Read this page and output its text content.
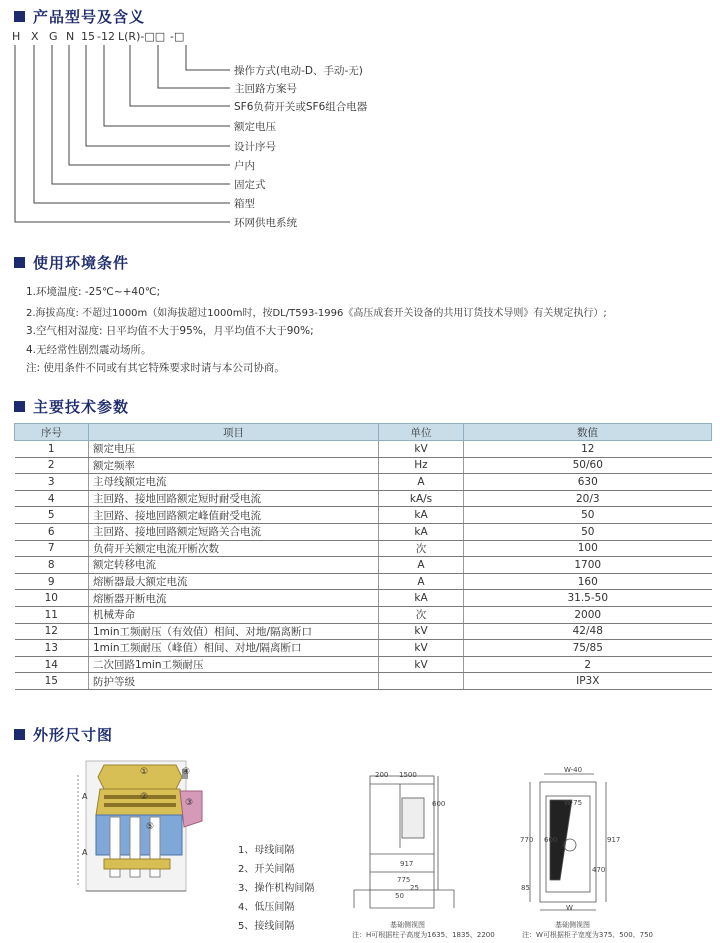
产品型号及含义
H X G N 15 -12 L(R)-□□ -□
操作方式(电动-D、手动-无)
主回路方案号
SF6负荷开关或SF6组合电器
额定电压
设计序号
户内
固定式
箱型
环网供电系统
使用环境条件
1.环境温度: -25℃~+40℃;
2.海拔高度: 不超过1000m（如海拔超过1000m时，按DL/T593-1996《高压成套开关设备的共用订货技术导则》有关规定执行）;
3.空气相对湿度: 日平均值不大于95%，月平均值不大于90%;
4.无经常性剧烈震动场所。
注: 使用条件不同或有其它特殊要求时请与本公司协商。
主要技术参数
序号	项目	单位	数值
1	额定电压	kV	12
2	额定频率	Hz	50/60
3	主母线额定电流	A	630
4	主回路、接地回路额定短时耐受电流	kA/s	20/3
5	主回路、接地回路额定峰值耐受电流	kA	50
6	主回路、接地回路额定短路关合电流	kA	50
7	负荷开关额定电流开断次数	次	100
8	额定转移电流	A	1700
9	熔断器最大额定电流	A	160
10	熔断器开断电流	kA	31.5-50
11	机械寿命	次	2000
12	1min工频耐压（有效值）相间、对地/隔离断口	kV	42/48
13	1min工频耐压（峰值）相间、对地/隔离断口	kV	75/85
14	二次回路1min工频耐压	kV	2
15	防护等级		IP3X
外形尺寸图
①
②
③
④
⑤
A
A	1、母线间隔
2、开关间隔
3、操作机构间隔
4、低压间隔
5、接线间隔
200 1500
600
917
775
25
50
基础侧视图
注：H可根据柱子高度为1635、1835、2200
W-40
W-75
770 600	917
470
85
W
基础侧视图
注：W可根据柜子宽度为375、500、750
